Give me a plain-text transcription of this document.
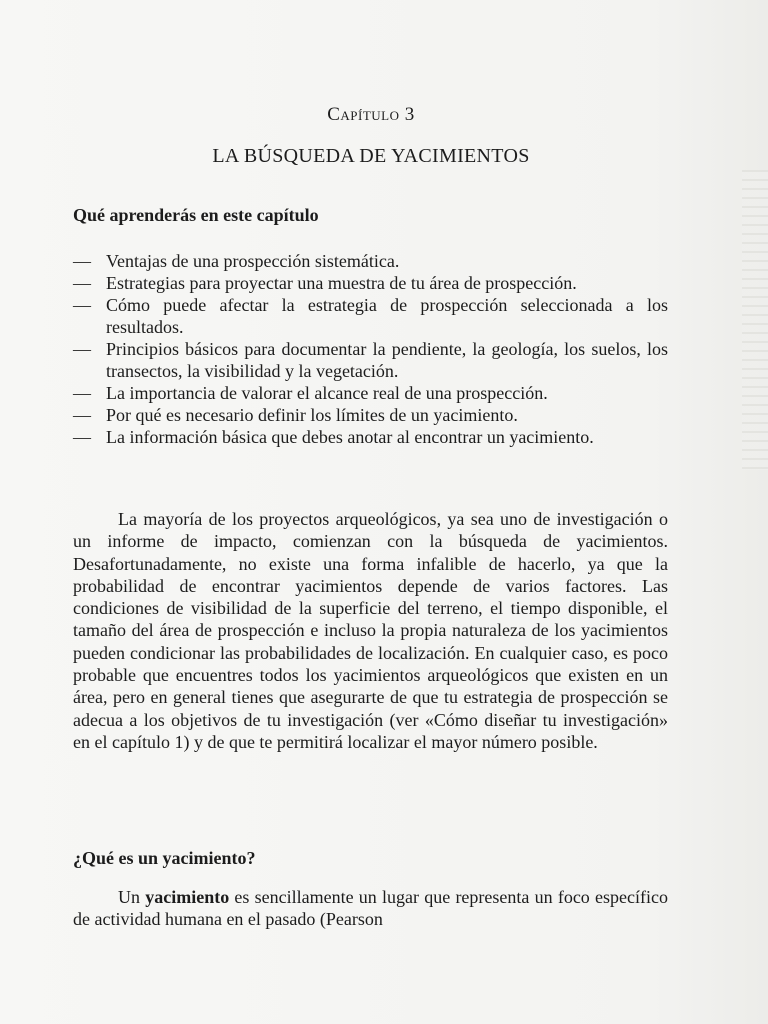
Capítulo 3
LA BÚSQUEDA DE YACIMIENTOS
Qué aprenderás en este capítulo
— Ventajas de una prospección sistemática.
— Estrategias para proyectar una muestra de tu área de prospección.
— Cómo puede afectar la estrategia de prospección seleccionada a los resultados.
— Principios básicos para documentar la pendiente, la geología, los suelos, los transectos, la visibilidad y la vegetación.
— La importancia de valorar el alcance real de una prospección.
— Por qué es necesario definir los límites de un yacimiento.
— La información básica que debes anotar al encontrar un yacimiento.

La mayoría de los proyectos arqueológicos, ya sea uno de investigación o un informe de impacto, comienzan con la búsqueda de yacimientos. Desafortunadamente, no existe una forma infalible de hacerlo, ya que la probabilidad de encontrar yacimientos depende de varios factores. Las condiciones de visibilidad de la superficie del terreno, el tiempo disponible, el tamaño del área de prospección e incluso la propia naturaleza de los yacimientos pueden condicionar las probabilidades de localización. En cualquier caso, es poco probable que encuentres todos los yacimientos arqueológicos que existen en un área, pero en general tienes que asegurarte de que tu estrategia de prospección se adecua a los objetivos de tu investigación (ver «Cómo diseñar tu investigación» en el capítulo 1) y de que te permitirá localizar el mayor número posible.

¿Qué es un yacimiento?

Un yacimiento es sencillamente un lugar que representa un foco específico de actividad humana en el pasado (Pearson
